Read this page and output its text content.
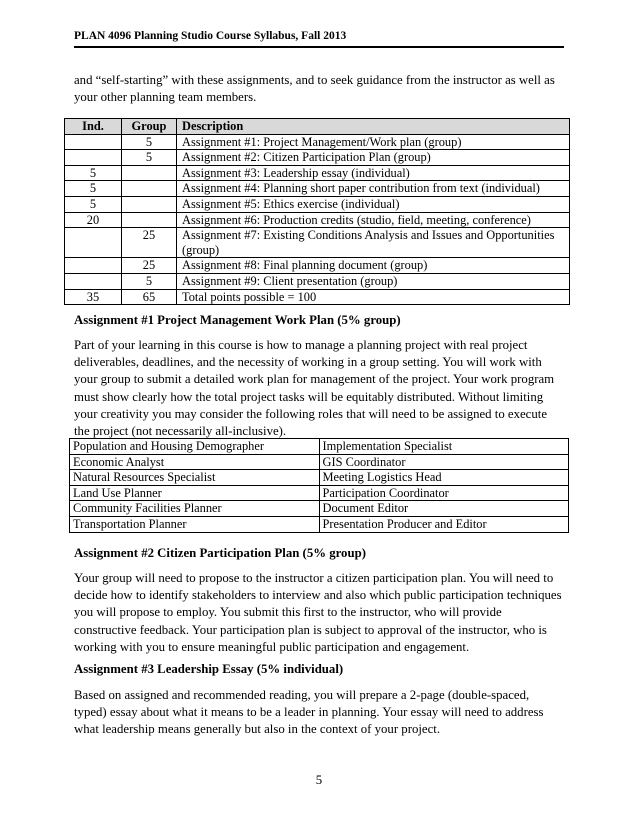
PLAN 4096 Planning Studio Course Syllabus, Fall 2013
and “self-starting” with these assignments, and to seek guidance from the instructor as well as your other planning team members.
Ind.	Group	Description
	5	Assignment #1: Project Management/Work plan (group)
	5	Assignment #2: Citizen Participation Plan (group)
5		Assignment #3: Leadership essay (individual)
5		Assignment #4: Planning short paper contribution from text (individual)
5		Assignment #5: Ethics exercise (individual)
20		Assignment #6: Production credits (studio, field, meeting, conference)
	25	Assignment #7: Existing Conditions Analysis and Issues and Opportunities (group)
	25	Assignment #8: Final planning document (group)
	5	Assignment #9: Client presentation (group)
35	65	Total points possible = 100
Assignment #1 Project Management Work Plan (5% group)
Part of your learning in this course is how to manage a planning project with real project deliverables, deadlines, and the necessity of working in a group setting. You will work with your group to submit a detailed work plan for management of the project. Your work program must show clearly how the total project tasks will be equitably distributed. Without limiting your creativity you may consider the following roles that will need to be assigned to execute the project (not necessarily all-inclusive).
Population and Housing Demographer	Implementation Specialist
Economic Analyst	GIS Coordinator
Natural Resources Specialist	Meeting Logistics Head
Land Use Planner	Participation Coordinator
Community Facilities Planner	Document Editor
Transportation Planner	Presentation Producer and Editor
Assignment #2 Citizen Participation Plan (5% group)
Your group will need to propose to the instructor a citizen participation plan. You will need to decide how to identify stakeholders to interview and also which public participation techniques you will propose to employ. You submit this first to the instructor, who will provide constructive feedback. Your participation plan is subject to approval of the instructor, who is working with you to ensure meaningful public participation and engagement.
Assignment #3 Leadership Essay (5% individual)
Based on assigned and recommended reading, you will prepare a 2-page (double-spaced, typed) essay about what it means to be a leader in planning. Your essay will need to address what leadership means generally but also in the context of your project.
5
